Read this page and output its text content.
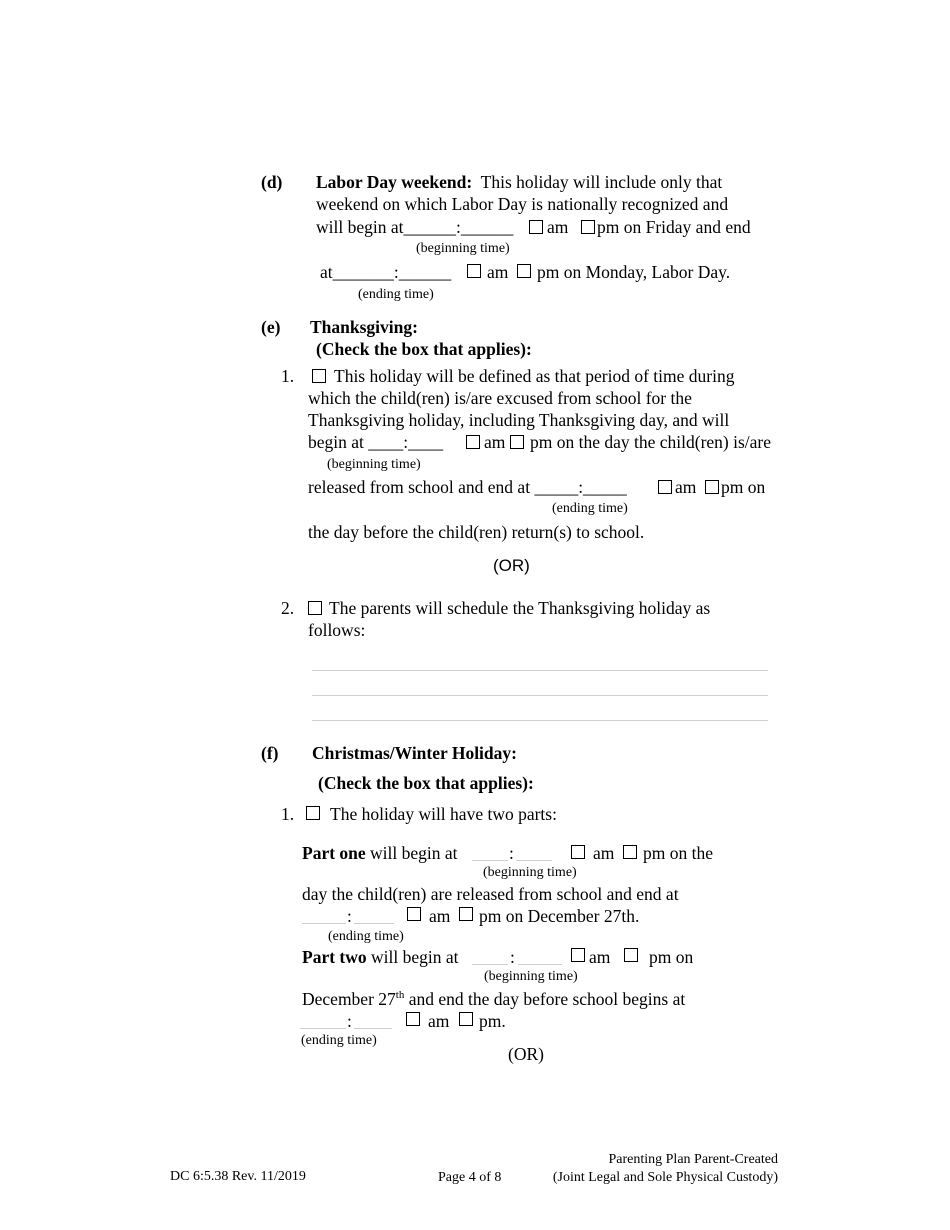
(d) Labor Day weekend: This holiday will include only that
weekend on which Labor Day is nationally recognized and
will begin at______:______ am pm on Friday and end
(beginning time)
at_______:______ am pm on Monday, Labor Day.
(ending time)
(e) Thanksgiving:
(Check the box that applies):
1. This holiday will be defined as that period of time during
which the child(ren) is/are excused from school for the
Thanksgiving holiday, including Thanksgiving day, and will
begin at ____:____ am pm on the day the child(ren) is/are
(beginning time)
released from school and end at _____:_____	am pm on
(ending time)
the day before the child(ren) return(s) to school.
(OR)
2. The parents will schedule the Thanksgiving holiday as
follows:
(f) Christmas/Winter Holiday:
(Check the box that applies):
1. The holiday will have two parts:
Part one will begin at	:	am pm on the
(beginning time)
day the child(ren) are released from school and end at
:	am pm on December 27th.
(ending time)
Part two will begin at	:	am pm on
(beginning time)
December 27th and end the day before school begins at
:	am pm.
(ending time)
(OR)
DC 6:5.38 Rev. 11/2019	Page 4 of 8
Parenting Plan Parent-Created
(Joint Legal and Sole Physical Custody)
